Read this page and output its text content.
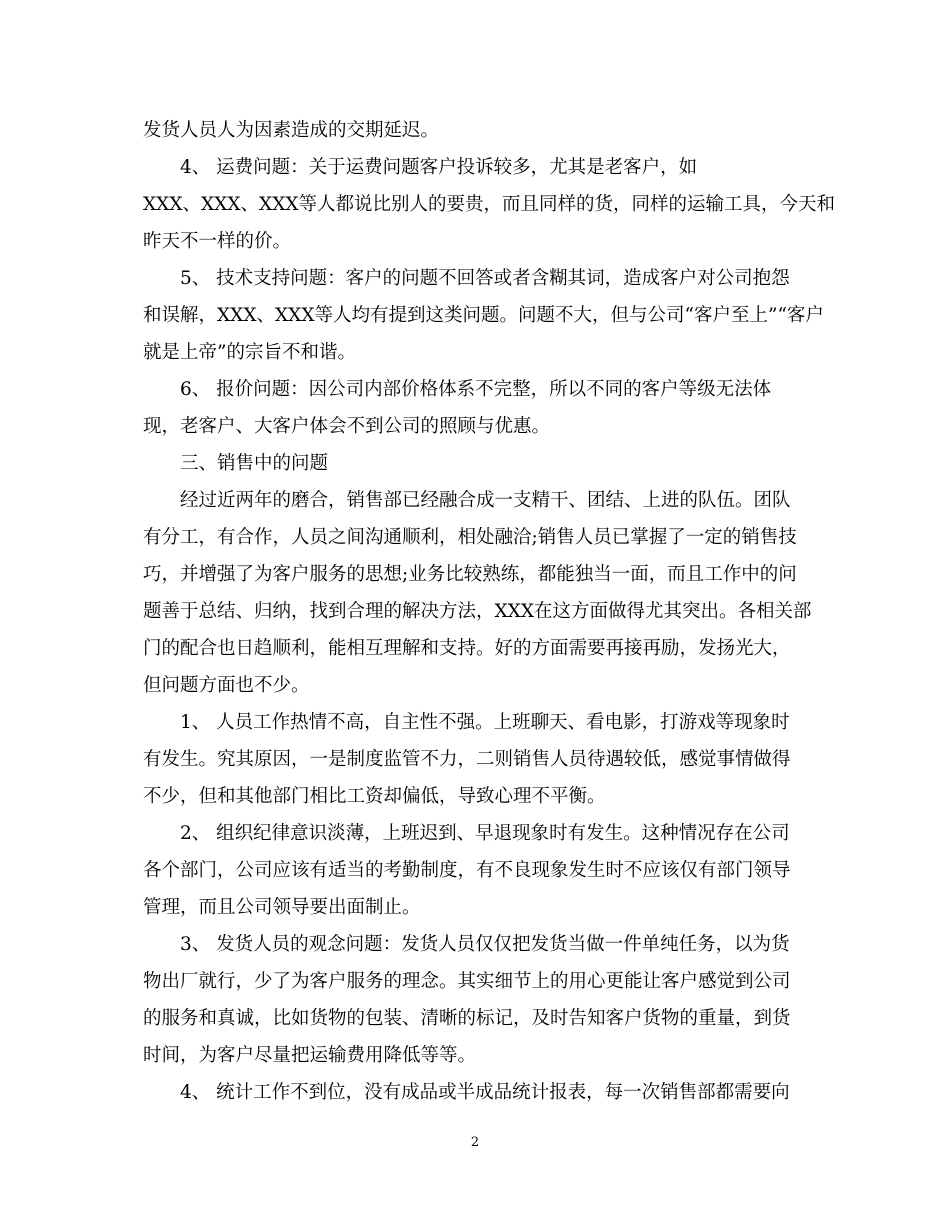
发货人员人为因素造成的交期延迟。
4、 运费问题：关于运费问题客户投诉较多，尤其是老客户，如
XXX、XXX、XXX等人都说比别人的要贵，而且同样的货，同样的运输工具，今天和
昨天不一样的价。
5、 技术支持问题：客户的问题不回答或者含糊其词，造成客户对公司抱怨
和误解，XXX、XXX等人均有提到这类问题。问题不大，但与公司“客户至上”“客户
就是上帝”的宗旨不和谐。
6、 报价问题：因公司内部价格体系不完整，所以不同的客户等级无法体
现，老客户、大客户体会不到公司的照顾与优惠。
三、销售中的问题
经过近两年的磨合，销售部已经融合成一支精干、团结、上进的队伍。团队
有分工，有合作，人员之间沟通顺利，相处融洽;销售人员已掌握了一定的销售技
巧，并增强了为客户服务的思想;业务比较熟练，都能独当一面，而且工作中的问
题善于总结、归纳，找到合理的解决方法，XXX在这方面做得尤其突出。各相关部
门的配合也日趋顺利，能相互理解和支持。好的方面需要再接再励，发扬光大，
但问题方面也不少。
1、 人员工作热情不高，自主性不强。上班聊天、看电影，打游戏等现象时
有发生。究其原因，一是制度监管不力，二则销售人员待遇较低，感觉事情做得
不少，但和其他部门相比工资却偏低，导致心理不平衡。
2、 组织纪律意识淡薄，上班迟到、早退现象时有发生。这种情况存在公司
各个部门，公司应该有适当的考勤制度，有不良现象发生时不应该仅有部门领导
管理，而且公司领导要出面制止。
3、 发货人员的观念问题：发货人员仅仅把发货当做一件单纯任务，以为货
物出厂就行，少了为客户服务的理念。其实细节上的用心更能让客户感觉到公司
的服务和真诚，比如货物的包装、清晰的标记，及时告知客户货物的重量，到货
时间，为客户尽量把运输费用降低等等。
4、 统计工作不到位，没有成品或半成品统计报表，每一次销售部都需要向
2
